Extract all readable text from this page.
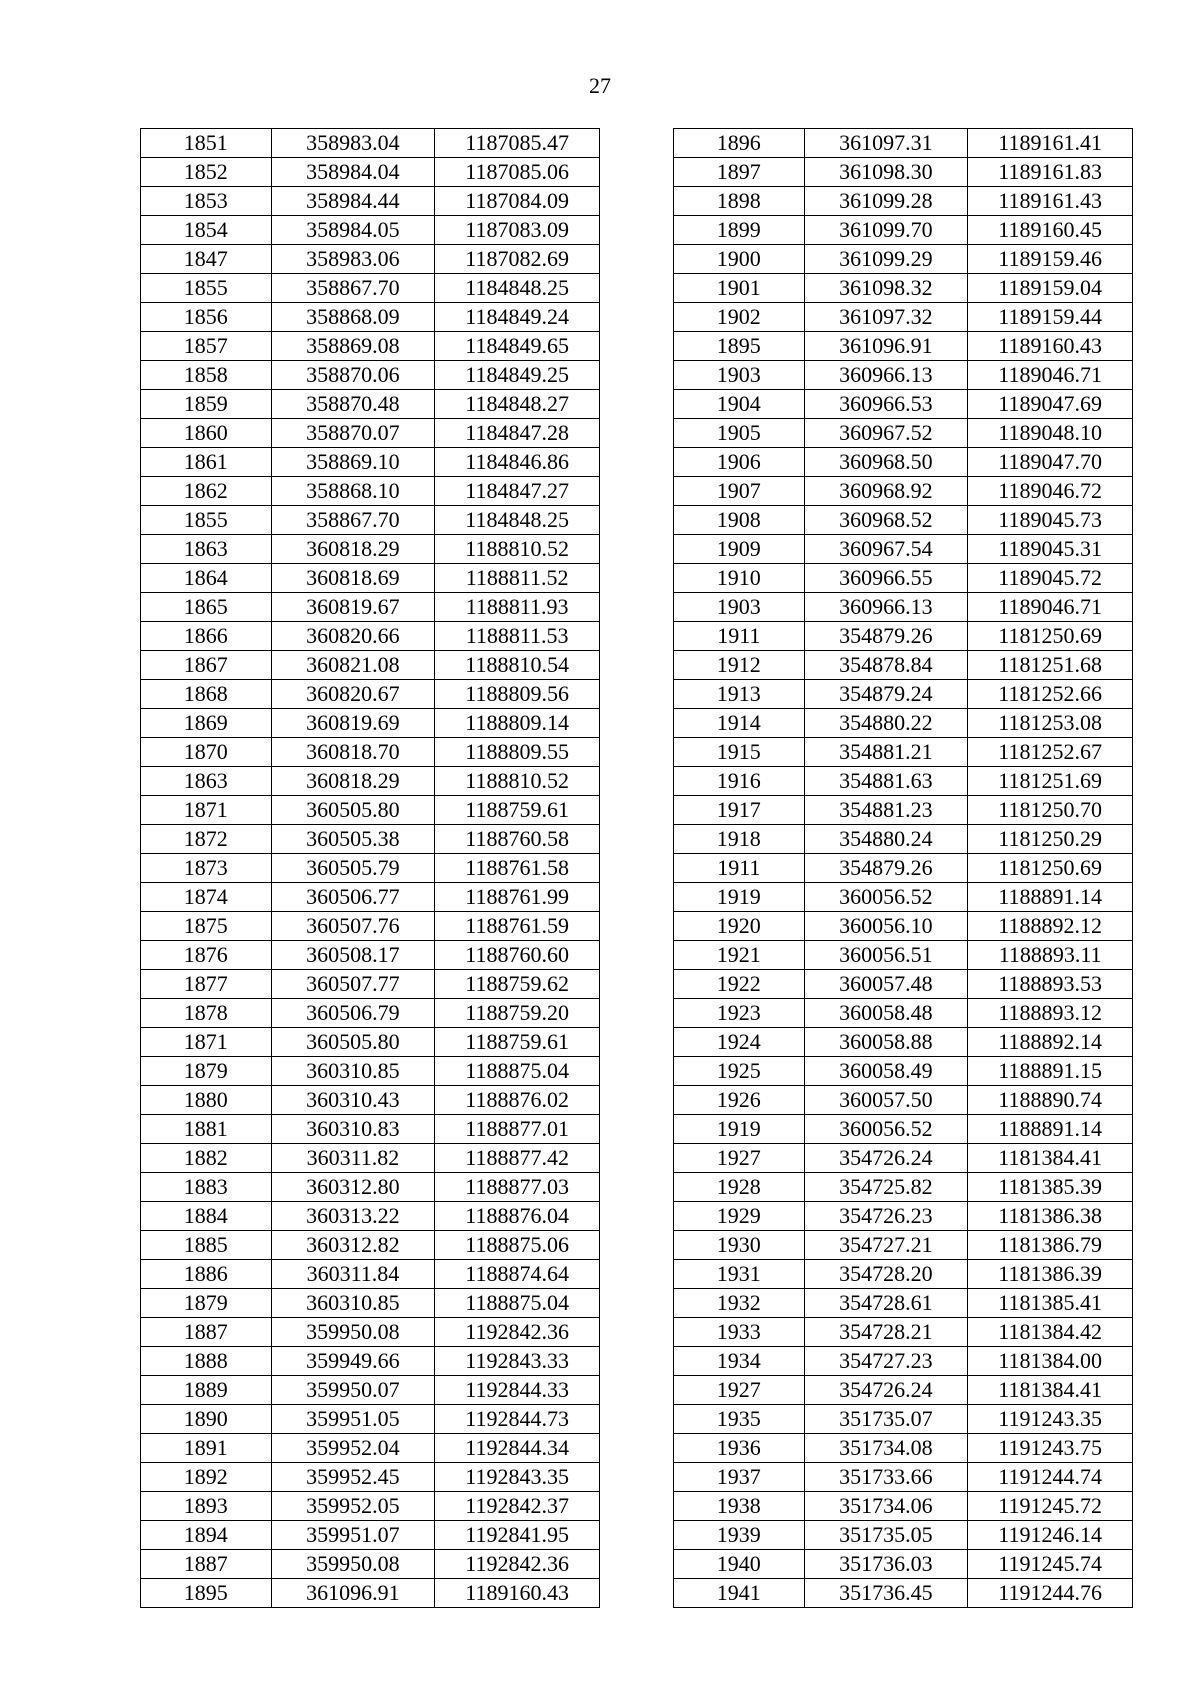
27
1851	358983.04	1187085.47
1852	358984.04	1187085.06
1853	358984.44	1187084.09
1854	358984.05	1187083.09
1847	358983.06	1187082.69
1855	358867.70	1184848.25
1856	358868.09	1184849.24
1857	358869.08	1184849.65
1858	358870.06	1184849.25
1859	358870.48	1184848.27
1860	358870.07	1184847.28
1861	358869.10	1184846.86
1862	358868.10	1184847.27
1855	358867.70	1184848.25
1863	360818.29	1188810.52
1864	360818.69	1188811.52
1865	360819.67	1188811.93
1866	360820.66	1188811.53
1867	360821.08	1188810.54
1868	360820.67	1188809.56
1869	360819.69	1188809.14
1870	360818.70	1188809.55
1863	360818.29	1188810.52
1871	360505.80	1188759.61
1872	360505.38	1188760.58
1873	360505.79	1188761.58
1874	360506.77	1188761.99
1875	360507.76	1188761.59
1876	360508.17	1188760.60
1877	360507.77	1188759.62
1878	360506.79	1188759.20
1871	360505.80	1188759.61
1879	360310.85	1188875.04
1880	360310.43	1188876.02
1881	360310.83	1188877.01
1882	360311.82	1188877.42
1883	360312.80	1188877.03
1884	360313.22	1188876.04
1885	360312.82	1188875.06
1886	360311.84	1188874.64
1879	360310.85	1188875.04
1887	359950.08	1192842.36
1888	359949.66	1192843.33
1889	359950.07	1192844.33
1890	359951.05	1192844.73
1891	359952.04	1192844.34
1892	359952.45	1192843.35
1893	359952.05	1192842.37
1894	359951.07	1192841.95
1887	359950.08	1192842.36
1895	361096.91	1189160.43
1896	361097.31	1189161.41
1897	361098.30	1189161.83
1898	361099.28	1189161.43
1899	361099.70	1189160.45
1900	361099.29	1189159.46
1901	361098.32	1189159.04
1902	361097.32	1189159.44
1895	361096.91	1189160.43
1903	360966.13	1189046.71
1904	360966.53	1189047.69
1905	360967.52	1189048.10
1906	360968.50	1189047.70
1907	360968.92	1189046.72
1908	360968.52	1189045.73
1909	360967.54	1189045.31
1910	360966.55	1189045.72
1903	360966.13	1189046.71
1911	354879.26	1181250.69
1912	354878.84	1181251.68
1913	354879.24	1181252.66
1914	354880.22	1181253.08
1915	354881.21	1181252.67
1916	354881.63	1181251.69
1917	354881.23	1181250.70
1918	354880.24	1181250.29
1911	354879.26	1181250.69
1919	360056.52	1188891.14
1920	360056.10	1188892.12
1921	360056.51	1188893.11
1922	360057.48	1188893.53
1923	360058.48	1188893.12
1924	360058.88	1188892.14
1925	360058.49	1188891.15
1926	360057.50	1188890.74
1919	360056.52	1188891.14
1927	354726.24	1181384.41
1928	354725.82	1181385.39
1929	354726.23	1181386.38
1930	354727.21	1181386.79
1931	354728.20	1181386.39
1932	354728.61	1181385.41
1933	354728.21	1181384.42
1934	354727.23	1181384.00
1927	354726.24	1181384.41
1935	351735.07	1191243.35
1936	351734.08	1191243.75
1937	351733.66	1191244.74
1938	351734.06	1191245.72
1939	351735.05	1191246.14
1940	351736.03	1191245.74
1941	351736.45	1191244.76
